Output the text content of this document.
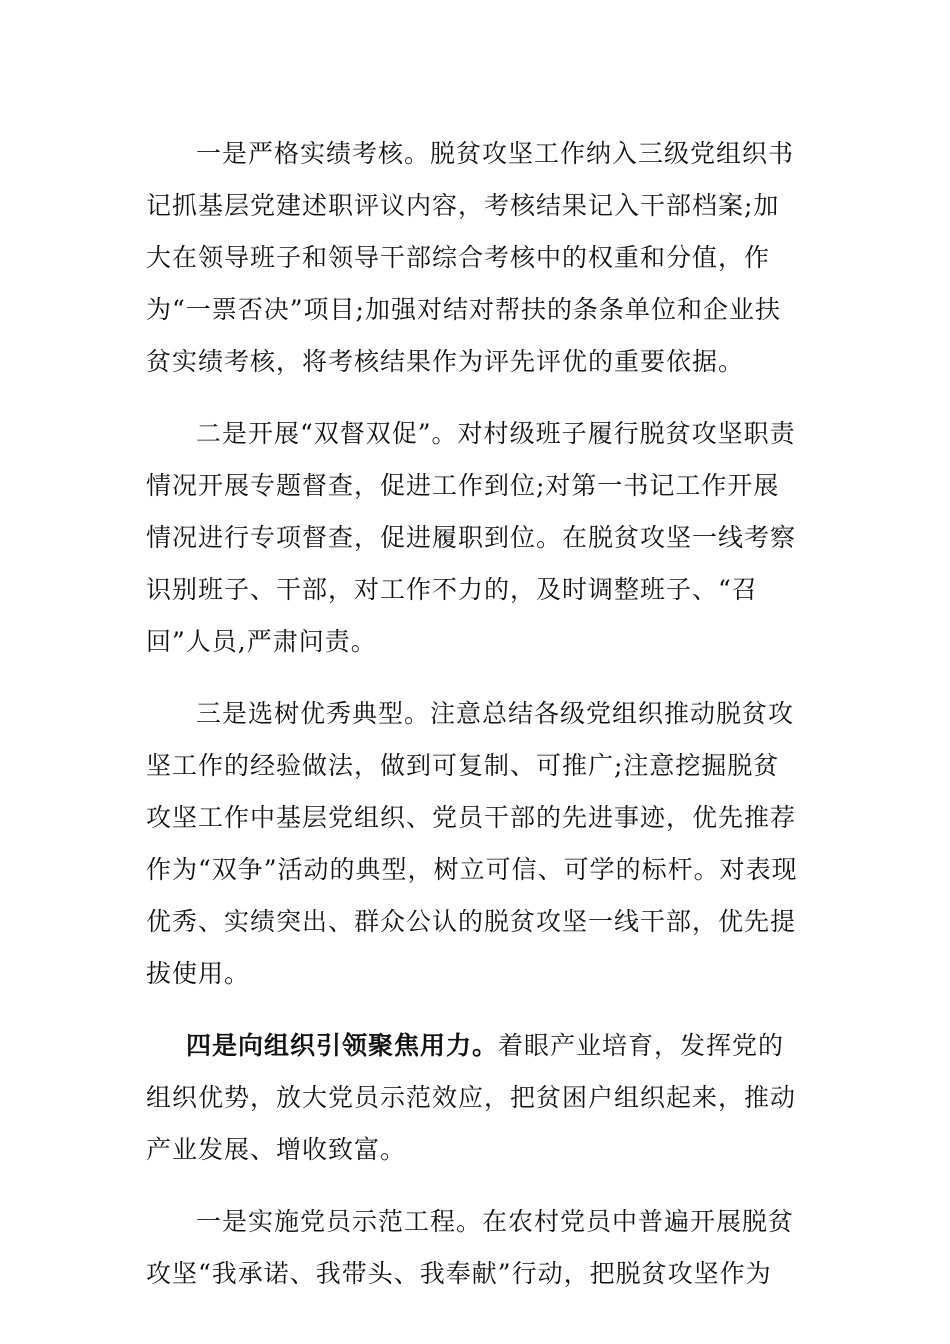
一是严格实绩考核。脱贫攻坚工作纳入三级党组织书记抓基层党建述职评议内容，考核结果记入干部档案;加大在领导班子和领导干部综合考核中的权重和分值，作为“一票否决”项目;加强对结对帮扶的条条单位和企业扶贫实绩考核，将考核结果作为评先评优的重要依据。

二是开展“双督双促”。对村级班子履行脱贫攻坚职责情况开展专题督查，促进工作到位;对第一书记工作开展情况进行专项督查，促进履职到位。在脱贫攻坚一线考察识别班子、干部，对工作不力的，及时调整班子、“召回”人员,严肃问责。

三是选树优秀典型。注意总结各级党组织推动脱贫攻坚工作的经验做法，做到可复制、可推广;注意挖掘脱贫攻坚工作中基层党组织、党员干部的先进事迹，优先推荐作为“双争”活动的典型，树立可信、可学的标杆。对表现优秀、实绩突出、群众公认的脱贫攻坚一线干部，优先提拔使用。

四是向组织引领聚焦用力。着眼产业培育，发挥党的组织优势，放大党员示范效应，把贫困户组织起来，推动产业发展、增收致富。

一是实施党员示范工程。在农村党员中普遍开展脱贫攻坚“我承诺、我带头、我奉献”行动，把脱贫攻坚作为
